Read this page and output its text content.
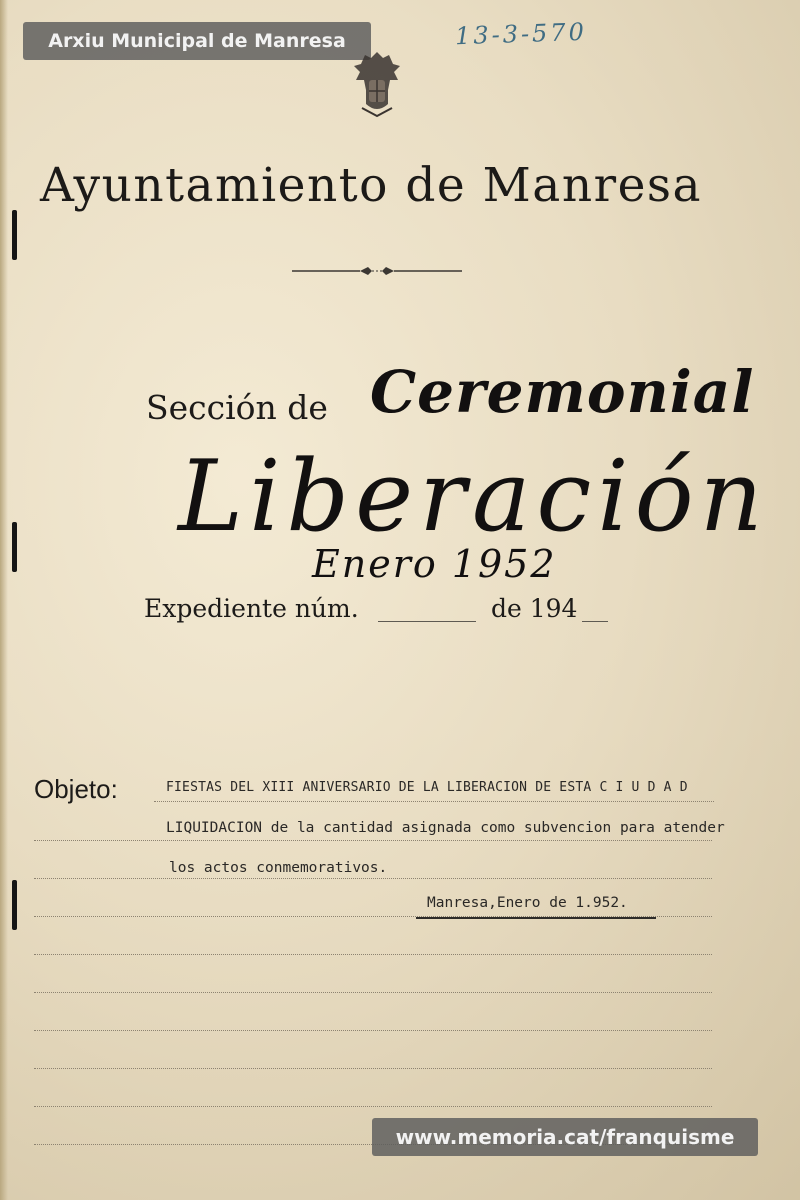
Arxiu Municipal de Manresa	13-3-570
Ayuntamiento de Manresa
Sección de Ceremonial
Liberación
Enero 1952
Expediente núm.	de 194
Objeto:	FIESTAS DEL XIII ANIVERSARIO DE LA LIBERACION DE ESTA C I U D A D
LIQUIDACION de la cantidad asignada como subvencion para atender
los actos conmemorativos.
Manresa,Enero de 1.952.
www.memoria.cat/franquisme
